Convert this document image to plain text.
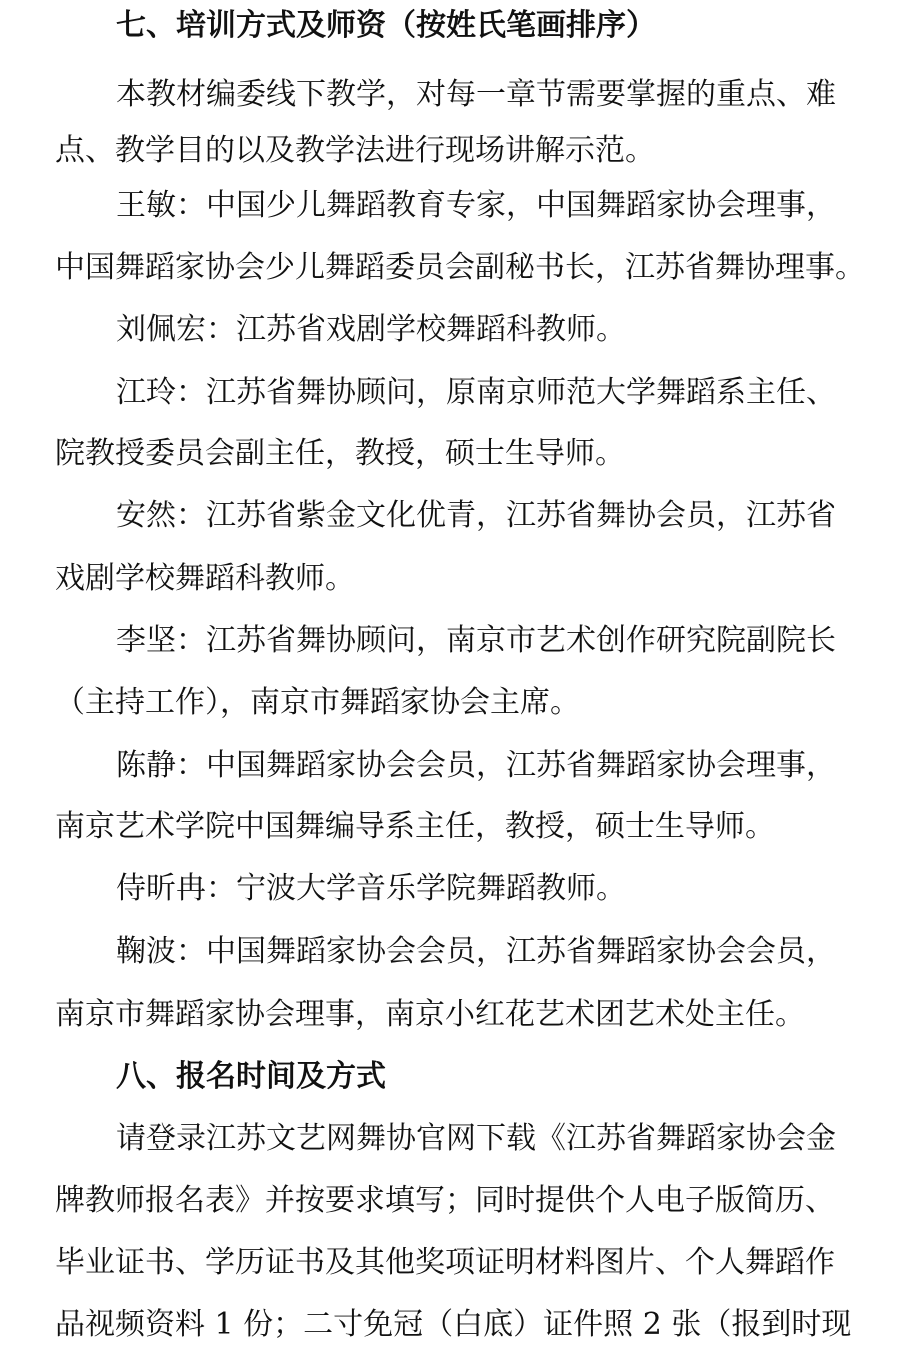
七、培训方式及师资（按姓氏笔画排序）
本教材编委线下教学，对每一章节需要掌握的重点、难
点、教学目的以及教学法进行现场讲解示范。
王敏：中国少儿舞蹈教育专家，中国舞蹈家协会理事，
中国舞蹈家协会少儿舞蹈委员会副秘书长，江苏省舞协理事。
刘佩宏：江苏省戏剧学校舞蹈科教师。
江玲：江苏省舞协顾问，原南京师范大学舞蹈系主任、
院教授委员会副主任，教授，硕士生导师。
安然：江苏省紫金文化优青，江苏省舞协会员，江苏省
戏剧学校舞蹈科教师。
李坚：江苏省舞协顾问，南京市艺术创作研究院副院长
（主持工作），南京市舞蹈家协会主席。
陈静：中国舞蹈家协会会员，江苏省舞蹈家协会理事，
南京艺术学院中国舞编导系主任，教授，硕士生导师。
侍昕冉：宁波大学音乐学院舞蹈教师。
鞠波：中国舞蹈家协会会员，江苏省舞蹈家协会会员，
南京市舞蹈家协会理事，南京小红花艺术团艺术处主任。
八、报名时间及方式
请登录江苏文艺网舞协官网下载《江苏省舞蹈家协会金
牌教师报名表》并按要求填写；同时提供个人电子版简历、
毕业证书、学历证书及其他奖项证明材料图片、个人舞蹈作
品视频资料 1 份；二寸免冠（白底）证件照 2 张（报到时现
